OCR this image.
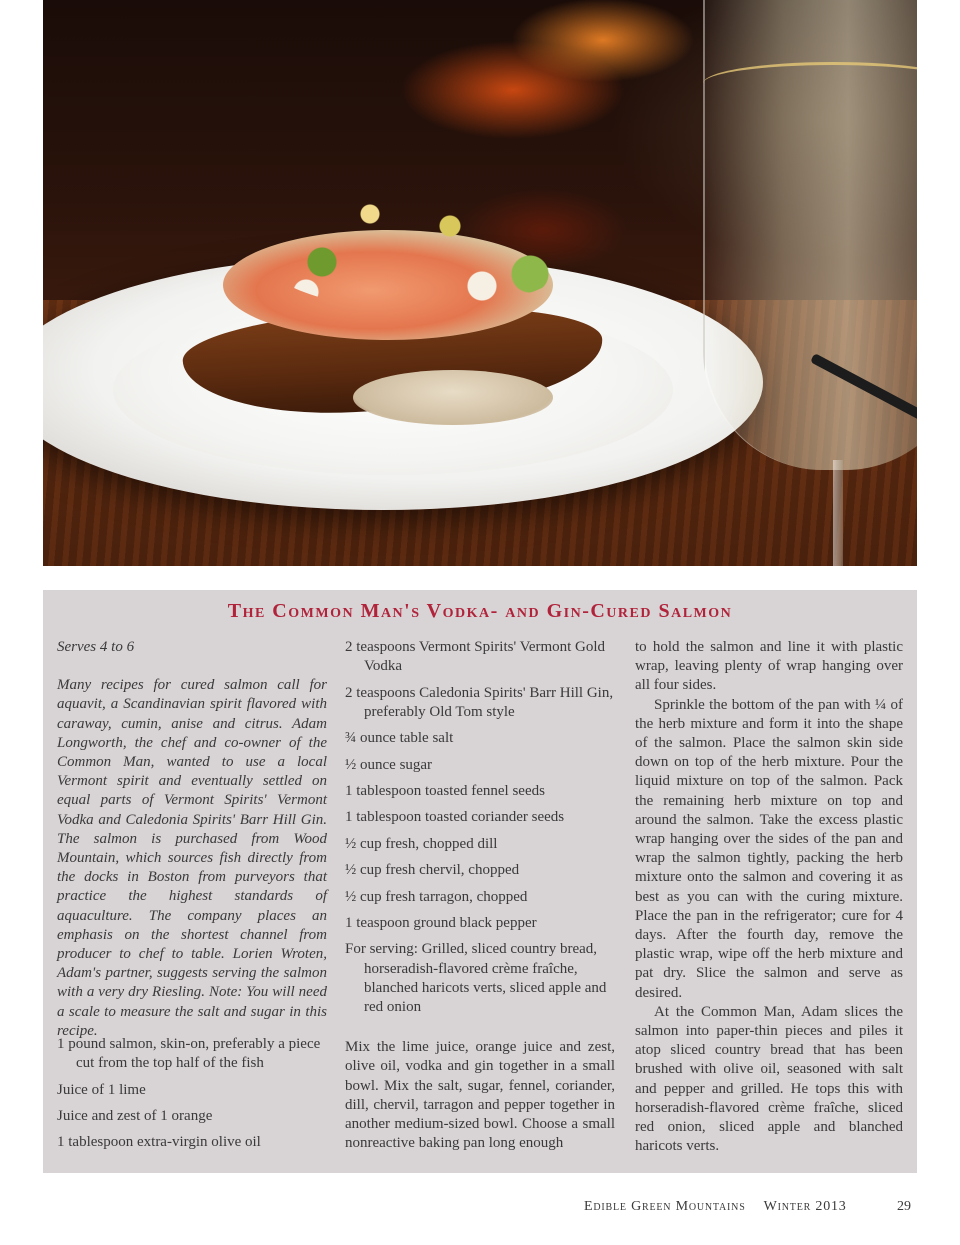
The Common Man's Vodka- and Gin-Cured Salmon

Serves 4 to 6

Many recipes for cured salmon call for aquavit, a Scandinavian spirit flavored with caraway, cumin, anise and citrus. Adam Longworth, the chef and co-owner of the Common Man, wanted to use a local Vermont spirit and eventually settled on equal parts of Vermont Spirits' Vermont Vodka and Caledonia Spirits' Barr Hill Gin. The salmon is purchased from Wood Mountain, which sources fish directly from the docks in Boston from purveyors that practice the highest standards of aquaculture. The company places an emphasis on the shortest channel from producer to chef to table. Lorien Wroten, Adam's partner, suggests serving the salmon with a very dry Riesling. Note: You will need a scale to measure the salt and sugar in this recipe.

1 pound salmon, skin-on, preferably a piece cut from the top half of the fish
Juice of 1 lime
Juice and zest of 1 orange
1 tablespoon extra-virgin olive oil
2 teaspoons Vermont Spirits' Vermont Gold Vodka
2 teaspoons Caledonia Spirits' Barr Hill Gin, preferably Old Tom style
¾ ounce table salt
½ ounce sugar
1 tablespoon toasted fennel seeds
1 tablespoon toasted coriander seeds
½ cup fresh, chopped dill
½ cup fresh chervil, chopped
½ cup fresh tarragon, chopped
1 teaspoon ground black pepper
For serving: Grilled, sliced country bread, horseradish-flavored crème fraîche, blanched haricots verts, sliced apple and red onion

Mix the lime juice, orange juice and zest, olive oil, vodka and gin together in a small bowl. Mix the salt, sugar, fennel, coriander, dill, chervil, tarragon and pepper together in another medium-sized bowl. Choose a small nonreactive baking pan long enough

to hold the salmon and line it with plastic wrap, leaving plenty of wrap hanging over all four sides.

Sprinkle the bottom of the pan with ¼ of the herb mixture and form it into the shape of the salmon. Place the salmon skin side down on top of the herb mixture. Pour the liquid mixture on top of the salmon. Pack the remaining herb mixture on top and around the salmon. Take the excess plastic wrap hanging over the sides of the pan and wrap the salmon tightly, packing the herb mixture onto the salmon and covering it as best as you can with the curing mixture. Place the pan in the refrigerator; cure for 4 days. After the fourth day, remove the plastic wrap, wipe off the herb mixture and pat dry. Slice the salmon and serve as desired.

At the Common Man, Adam slices the salmon into paper-thin pieces and piles it atop sliced country bread that has been brushed with olive oil, seasoned with salt and pepper and grilled. He tops this with horseradish-flavored crème fraîche, sliced red onion, sliced apple and blanched haricots verts.

Edible Green Mountains Winter 2013	29
